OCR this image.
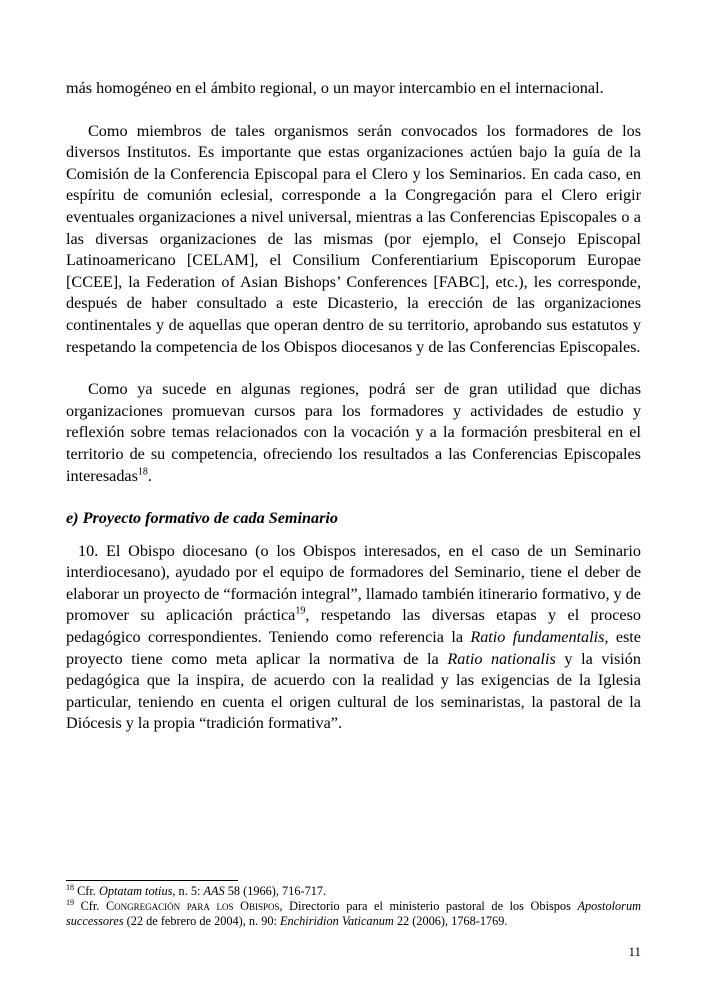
más homogéneo en el ámbito regional, o un mayor intercambio en el internacional.

Como miembros de tales organismos serán convocados los formadores de los diversos Institutos. Es importante que estas organizaciones actúen bajo la guía de la Comisión de la Conferencia Episcopal para el Clero y los Seminarios. En cada caso, en espíritu de comunión eclesial, corresponde a la Congregación para el Clero erigir eventuales organizaciones a nivel universal, mientras a las Conferencias Episcopales o a las diversas organizaciones de las mismas (por ejemplo, el Consejo Episcopal Latinoamericano [CELAM], el Consilium Conferentiarium Episcoporum Europae [CCEE], la Federation of Asian Bishops’ Conferences [FABC], etc.), les corresponde, después de haber consultado a este Dicasterio, la erección de las organizaciones continentales y de aquellas que operan dentro de su territorio, aprobando sus estatutos y respetando la competencia de los Obispos diocesanos y de las Conferencias Episcopales.

Como ya sucede en algunas regiones, podrá ser de gran utilidad que dichas organizaciones promuevan cursos para los formadores y actividades de estudio y reflexión sobre temas relacionados con la vocación y a la formación presbiteral en el territorio de su competencia, ofreciendo los resultados a las Conferencias Episcopales interesadas$^{18}$.

e) Proyecto formativo de cada Seminario

10. El Obispo diocesano (o los Obispos interesados, en el caso de un Seminario interdiocesano), ayudado por el equipo de formadores del Seminario, tiene el deber de elaborar un proyecto de “formación integral”, llamado también itinerario formativo, y de promover su aplicación práctica$^{19}$, respetando las diversas etapas y el proceso pedagógico correspondientes. Teniendo como referencia la Ratio fundamentalis, este proyecto tiene como meta aplicar la normativa de la Ratio nationalis y la visión pedagógica que la inspira, de acuerdo con la realidad y las exigencias de la Iglesia particular, teniendo en cuenta el origen cultural de los seminaristas, la pastoral de la Diócesis y la propia “tradición formativa”.

$^{18}$ Cfr. Optatam totius, n. 5: AAS 58 (1966), 716-717.

$^{19}$ Cfr. Congregación para los Obispos, Directorio para el ministerio pastoral de los Obispos Apostolorum successores (22 de febrero de 2004), n. 90: Enchiridion Vaticanum 22 (2006), 1768-1769.

11
